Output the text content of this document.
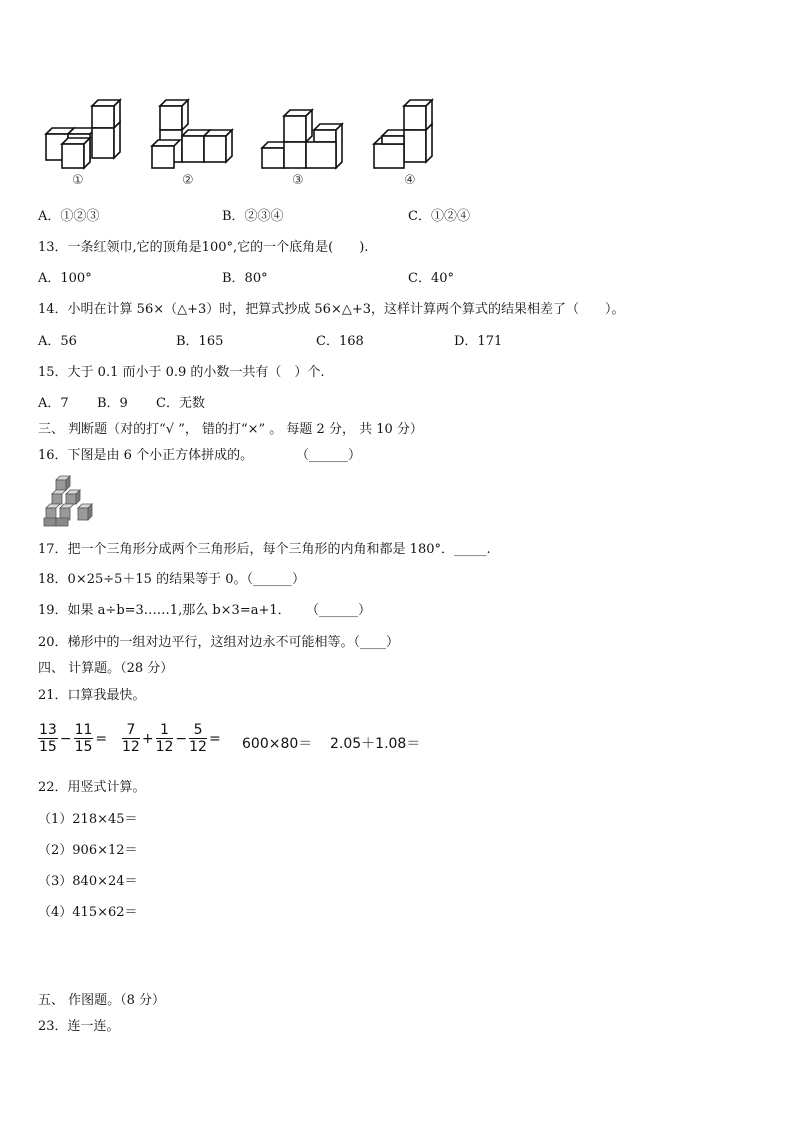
①	②	③	④
A．①②③	B．②③④	C．①②④
13．一条红领巾,它的顶角是100°,它的一个底角是(　　).
A．100°	B．80°	C．40°
14．小明在计算 56×（△+3）时，把算式抄成 56×△+3，这样计算两个算式的结果相差了（　　）。
A．56	B．165	C．168	D．171
15．大于 0.1 而小于 0.9 的小数一共有（　）个.
A．7 B．9 C．无数
三、 判断题（对的打“√ ”， 错的打“×” 。 每题 2 分， 共 10 分）
16．下图是由 6 个小正方体拼成的。	（______）
17．把一个三角形分成两个三角形后，每个三角形的内角和都是 180°．_____.
18．0×25÷5＋15 的结果等于 0。（______）
19．如果 a÷b=3……1,那么 b×3=a+1． （______）
20．梯形中的一组对边平行，这组对边永不可能相等。（____）
四、 计算题。（28 分）
21．口算我最快。
$\frac{13}{15} - \frac{11}{15} = \frac{7}{12} + \frac{1}{12} - \frac{5}{12} = 600\times 80= 2.05+1.08=$
22．用竖式计算。
（1）218×45＝
（2）906×12＝
（3）840×24＝
（4）415×62＝
五、 作图题。（8 分）
23．连一连。
